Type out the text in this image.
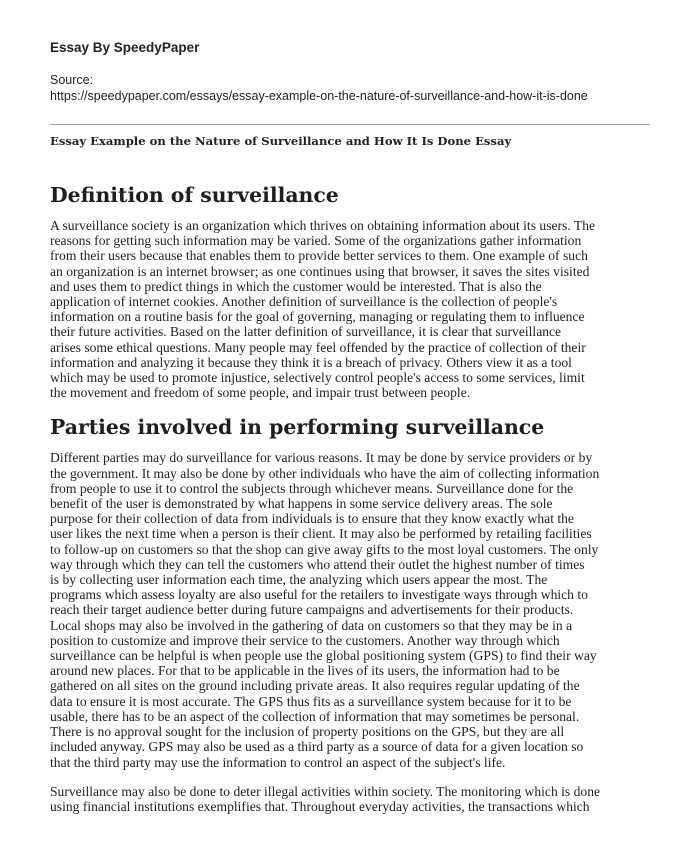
Essay By SpeedyPaper
Source:
https://speedypaper.com/essays/essay-example-on-the-nature-of-surveillance-and-how-it-is-done
Essay Example on the Nature of Surveillance and How It Is Done Essay
Definition of surveillance

A surveillance society is an organization which thrives on obtaining information about its users. The
reasons for getting such information may be varied. Some of the organizations gather information
from their users because that enables them to provide better services to them. One example of such
an organization is an internet browser; as one continues using that browser, it saves the sites visited
and uses them to predict things in which the customer would be interested. That is also the
application of internet cookies. Another definition of surveillance is the collection of people's
information on a routine basis for the goal of governing, managing or regulating them to influence
their future activities. Based on the latter definition of surveillance, it is clear that surveillance
arises some ethical questions. Many people may feel offended by the practice of collection of their
information and analyzing it because they think it is a breach of privacy. Others view it as a tool
which may be used to promote injustice, selectively control people's access to some services, limit
the movement and freedom of some people, and impair trust between people.

Parties involved in performing surveillance

Different parties may do surveillance for various reasons. It may be done by service providers or by
the government. It may also be done by other individuals who have the aim of collecting information
from people to use it to control the subjects through whichever means. Surveillance done for the
benefit of the user is demonstrated by what happens in some service delivery areas. The sole
purpose for their collection of data from individuals is to ensure that they know exactly what the
user likes the next time when a person is their client. It may also be performed by retailing facilities
to follow-up on customers so that the shop can give away gifts to the most loyal customers. The only
way through which they can tell the customers who attend their outlet the highest number of times
is by collecting user information each time, the analyzing which users appear the most. The
programs which assess loyalty are also useful for the retailers to investigate ways through which to
reach their target audience better during future campaigns and advertisements for their products.
Local shops may also be involved in the gathering of data on customers so that they may be in a
position to customize and improve their service to the customers. Another way through which
surveillance can be helpful is when people use the global positioning system (GPS) to find their way
around new places. For that to be applicable in the lives of its users, the information had to be
gathered on all sites on the ground including private areas. It also requires regular updating of the
data to ensure it is most accurate. The GPS thus fits as a surveillance system because for it to be
usable, there has to be an aspect of the collection of information that may sometimes be personal.
There is no approval sought for the inclusion of property positions on the GPS, but they are all
included anyway. GPS may also be used as a third party as a source of data for a given location so
that the third party may use the information to control an aspect of the subject's life.

Surveillance may also be done to deter illegal activities within society. The monitoring which is done
using financial institutions exemplifies that. Throughout everyday activities, the transactions which
